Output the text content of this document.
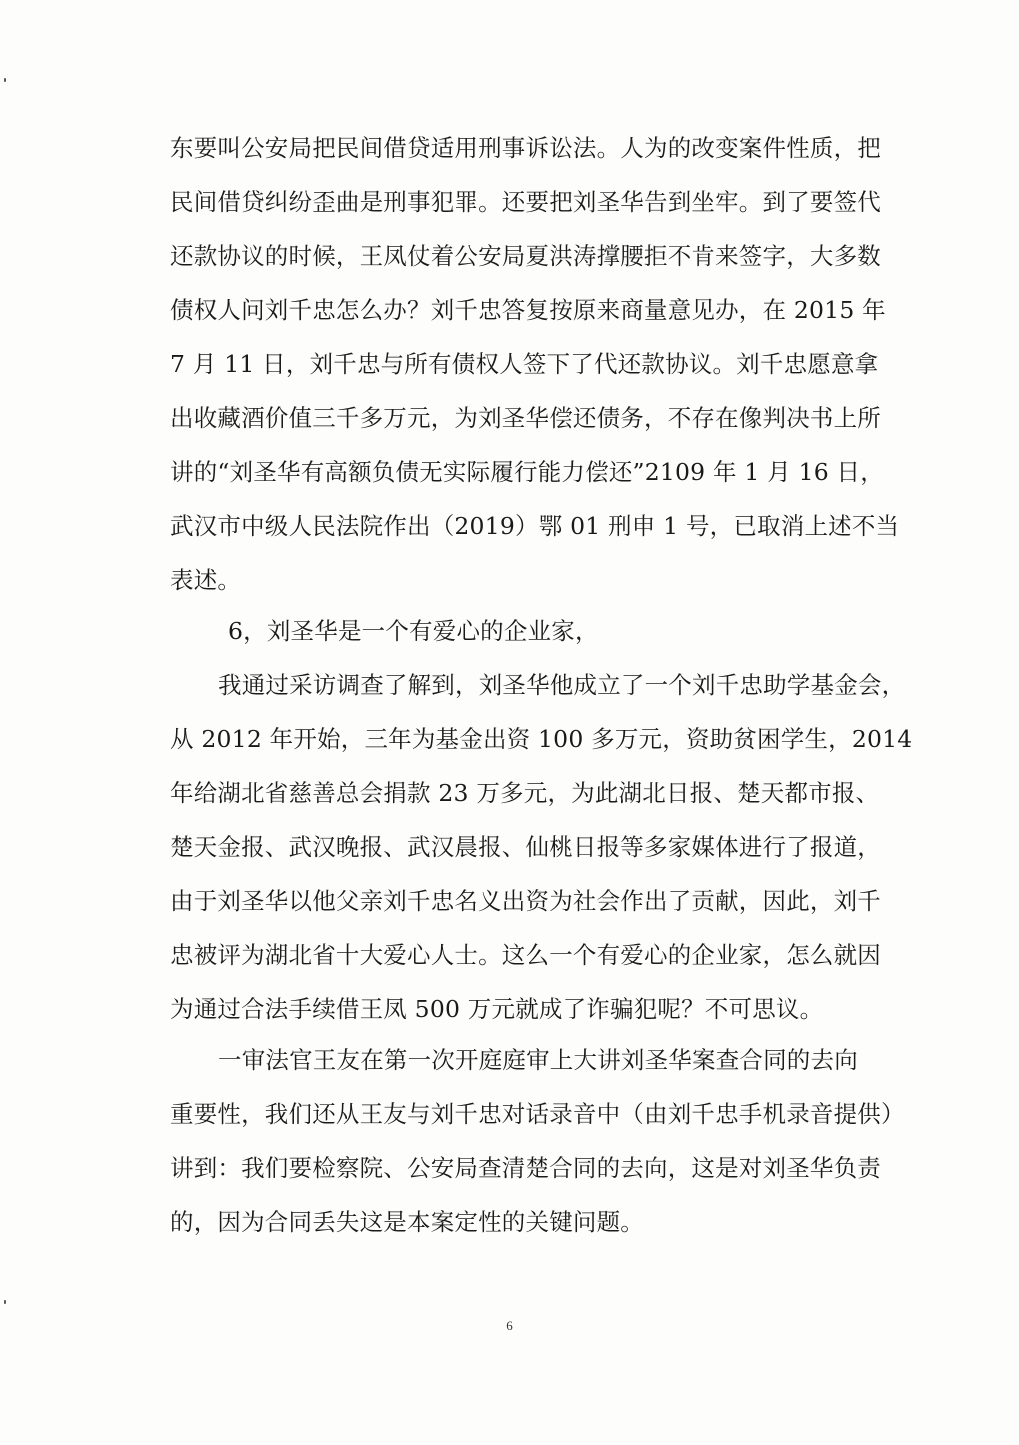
东要叫公安局把民间借贷适用刑事诉讼法。人为的改变案件性质，把
民间借贷纠纷歪曲是刑事犯罪。还要把刘圣华告到坐牢。到了要签代
还款协议的时候，王凤仗着公安局夏洪涛撑腰拒不肯来签字，大多数
债权人问刘千忠怎么办？刘千忠答复按原来商量意见办，在 2015 年
7 月 11 日，刘千忠与所有债权人签下了代还款协议。刘千忠愿意拿
出收藏酒价值三千多万元，为刘圣华偿还债务，不存在像判决书上所
讲的“刘圣华有高额负债无实际履行能力偿还”2109 年 1 月 16 日，
武汉市中级人民法院作出（2019）鄂 01 刑申 1 号，已取消上述不当
表述。
6，刘圣华是一个有爱心的企业家，
我通过采访调查了解到，刘圣华他成立了一个刘千忠助学基金会，
从 2012 年开始，三年为基金出资 100 多万元，资助贫困学生，2014
年给湖北省慈善总会捐款 23 万多元，为此湖北日报、楚天都市报、
楚天金报、武汉晚报、武汉晨报、仙桃日报等多家媒体进行了报道，
由于刘圣华以他父亲刘千忠名义出资为社会作出了贡献，因此，刘千
忠被评为湖北省十大爱心人士。这么一个有爱心的企业家，怎么就因
为通过合法手续借王凤 500 万元就成了诈骗犯呢？不可思议。
一审法官王友在第一次开庭庭审上大讲刘圣华案查合同的去向
重要性，我们还从王友与刘千忠对话录音中（由刘千忠手机录音提供）
讲到：我们要检察院、公安局查清楚合同的去向，这是对刘圣华负责
的，因为合同丢失这是本案定性的关键问题。
6
